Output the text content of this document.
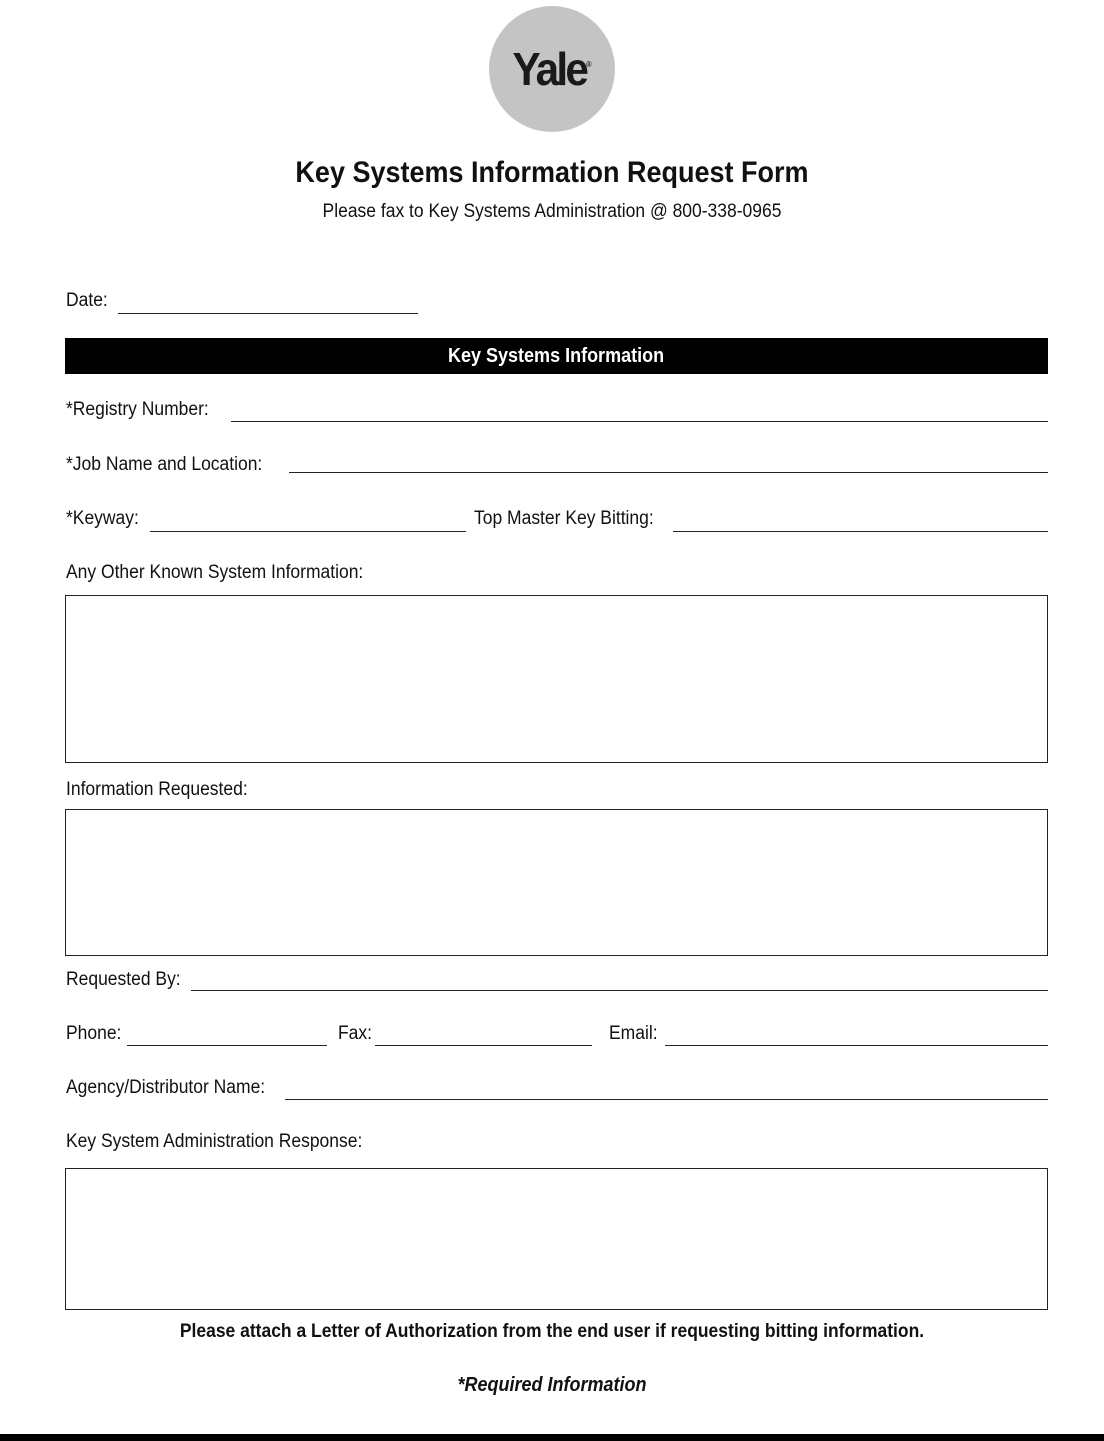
Yale®
Key Systems Information Request Form
Please fax to Key Systems Administration @ 800-338-0965
Date:
Key Systems Information
*Registry Number:
*Job Name and Location:
*Keyway:	Top Master Key Bitting:
Any Other Known System Information:
Information Requested:
Requested By:
Phone:	Fax:	Email:
Agency/Distributor Name:
Key System Administration Response:
Please attach a Letter of Authorization from the end user if requesting bitting information.
*Required Information
